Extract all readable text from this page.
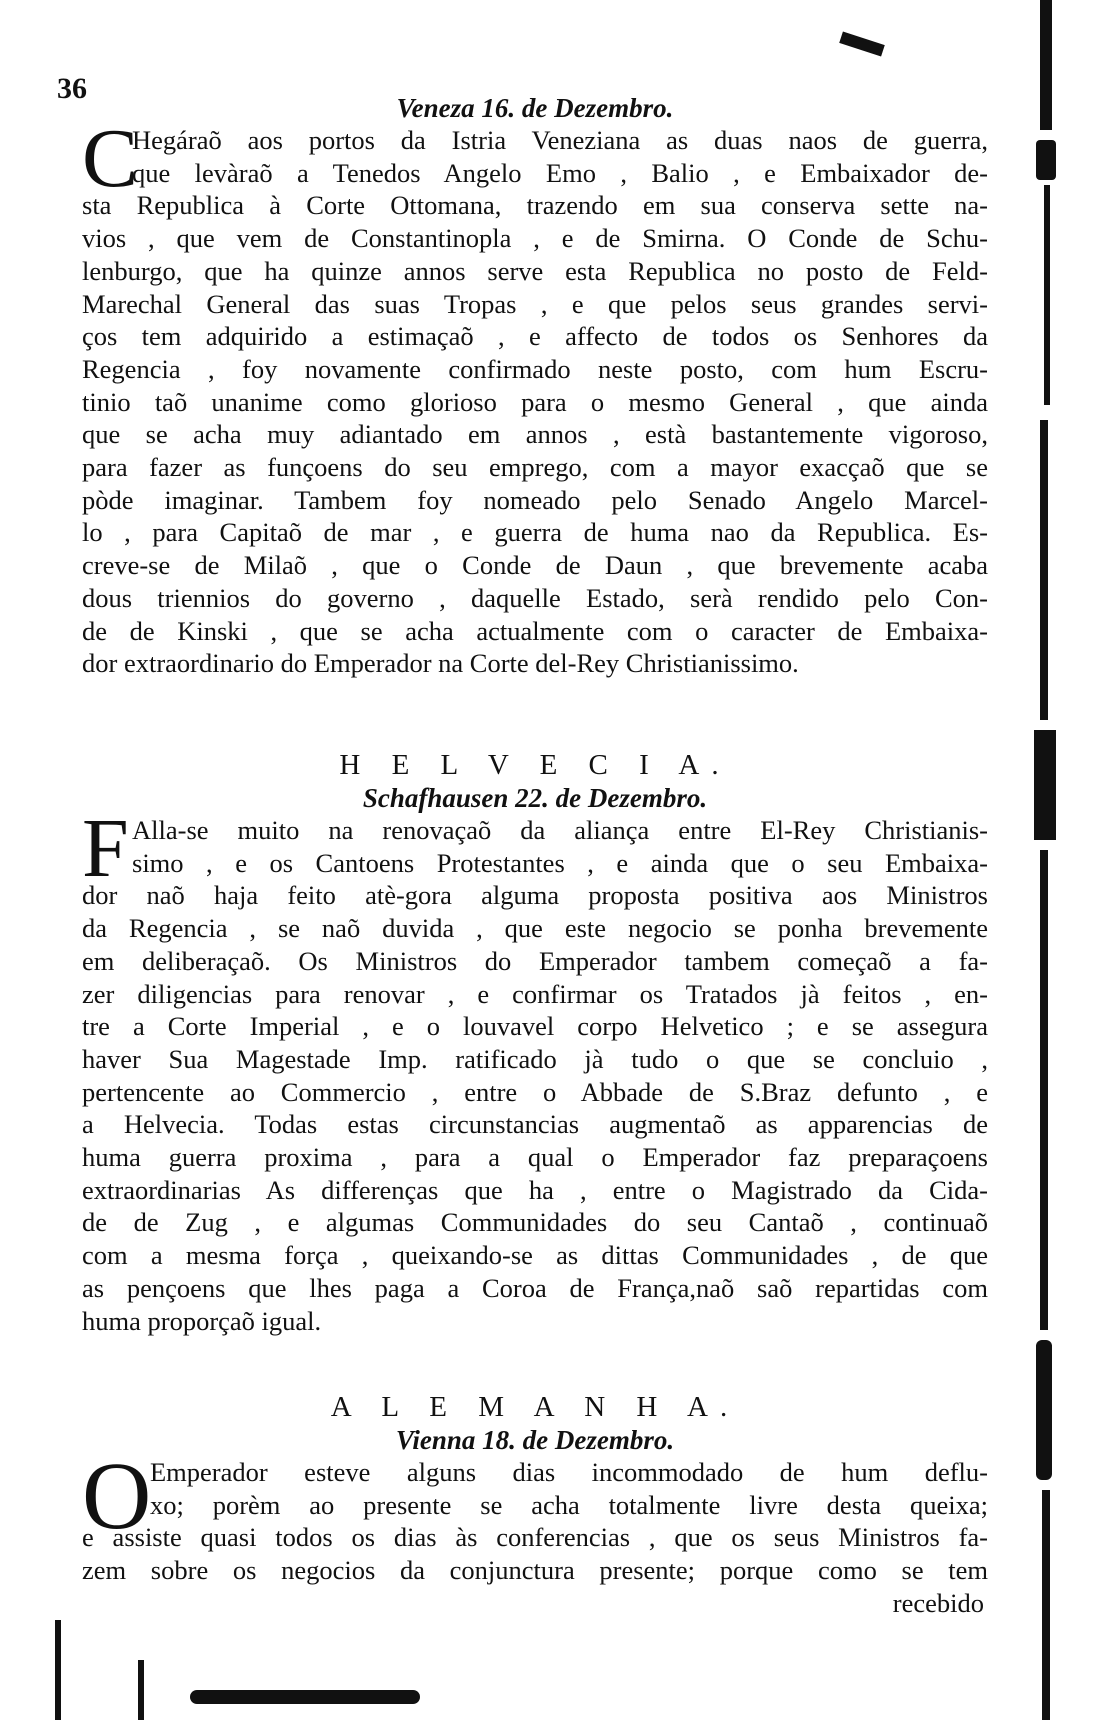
36
Veneza 16. de Dezembro.
C
Hegáraõ aos portos da Istria Veneziana as duas naos de guerra,
que levàraõ a Tenedos Angelo Emo , Balio , e Embaixador de-
sta Republica à Corte Ottomana, trazendo em sua conserva sette na-
vios , que vem de Constantinopla , e de Smirna. O Conde de Schu-
lenburgo, que ha quinze annos serve esta Republica no posto de Feld-
Marechal General das suas Tropas , e que pelos seus grandes servi-
ços tem adquirido a estimaçaõ , e affecto de todos os Senhores da
Regencia , foy novamente confirmado neste posto, com hum Escru-
tinio taõ unanime como glorioso para o mesmo General , que ainda
que se acha muy adiantado em annos , està bastantemente vigoroso,
para fazer as funçoens do seu emprego, com a mayor exacçaõ que se
pòde imaginar. Tambem foy nomeado pelo Senado Angelo Marcel-
lo , para Capitaõ de mar , e guerra de huma nao da Republica. Es-
creve-se de Milaõ , que o Conde de Daun , que brevemente acaba
dous triennios do governo , daquelle Estado, serà rendido pelo Con-
de de Kinski , que se acha actualmente com o caracter de Embaixa-
dor extraordinario do Emperador na Corte del-Rey Christianissimo.
H E L V E C I A.
Schafhausen 22. de Dezembro.
F Alla-se muito na renovaçaõ da aliança entre El-Rey Christianis-
simo , e os Cantoens Protestantes , e ainda que o seu Embaixa-
dor naõ haja feito atè-gora alguma proposta positiva aos Ministros
da Regencia , se naõ duvida , que este negocio se ponha brevemente
em deliberaçaõ. Os Ministros do Emperador tambem começaõ a fa-
zer diligencias para renovar , e confirmar os Tratados jà feitos , en-
tre a Corte Imperial , e o louvavel corpo Helvetico ; e se assegura
haver Sua Magestade Imp. ratificado jà tudo o que se concluio ,
pertencente ao Commercio , entre o Abbade de S.Braz defunto , e
a Helvecia. Todas estas circunstancias augmentaõ as apparencias de
huma guerra proxima , para a qual o Emperador faz preparaçoens
extraordinarias As differenças que ha , entre o Magistrado da Cida-
de de Zug , e algumas Communidades do seu Cantaõ , continuaõ
com a mesma força , queixando-se as dittas Communidades , de que
as pençoens que lhes paga a Coroa de França,naõ saõ repartidas com
huma proporçaõ igual.
A L E M A N H A.
Vienna 18. de Dezembro.
O
Emperador esteve alguns dias incommodado de hum deflu-
xo; porèm ao presente se acha totalmente livre desta queixa;
e assiste quasi todos os dias às conferencias , que os seus Ministros fa-
zem sobre os negocios da conjunctura presente; porque como se tem
recebido
